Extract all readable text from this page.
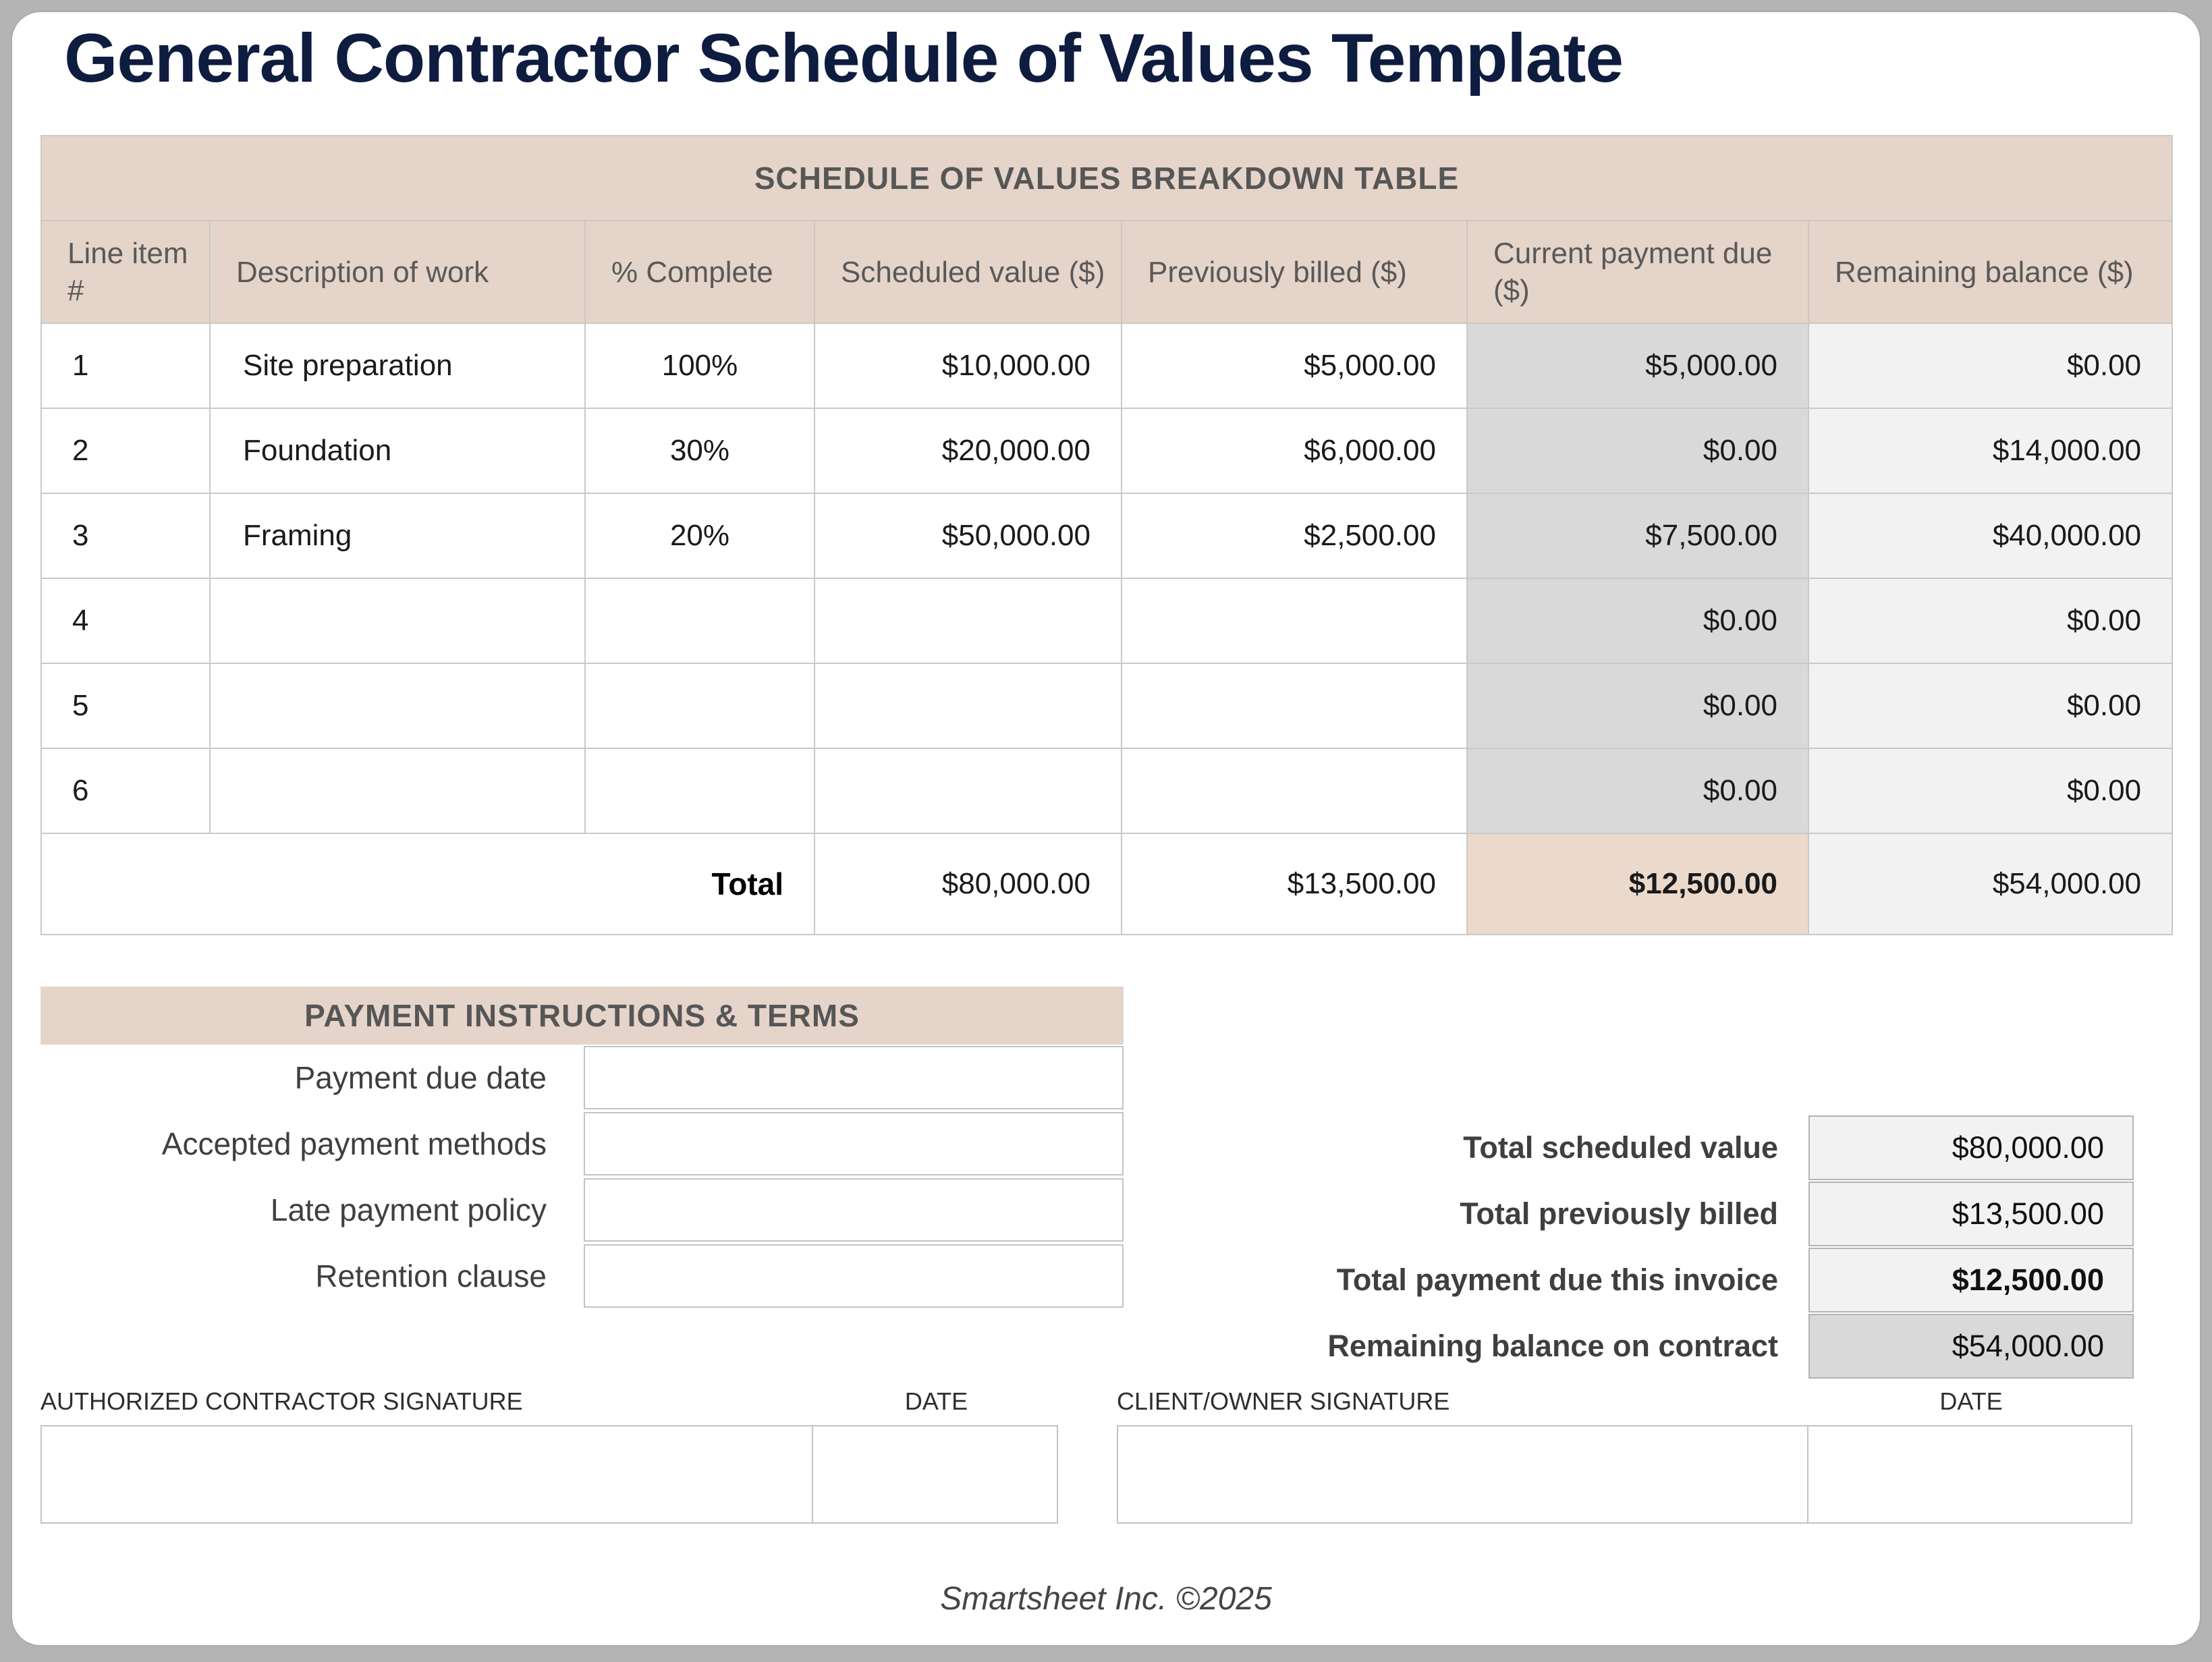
General Contractor Schedule of Values Template
SCHEDULE OF VALUES BREAKDOWN TABLE						
Line item #	Description of work	% Complete	Scheduled value ($)	Previously billed ($)	Current payment due ($)	Remaining balance ($)
1	Site preparation	100%	$10,000.00	$5,000.00	$5,000.00	$0.00
2	Foundation	30%	$20,000.00	$6,000.00	$0.00	$14,000.00
3	Framing	20%	$50,000.00	$2,500.00	$7,500.00	$40,000.00
4					$0.00	$0.00
5					$0.00	$0.00
6					$0.00	$0.00
Total			$80,000.00	$13,500.00	$12,500.00	$54,000.00
PAYMENT INSTRUCTIONS & TERMS
Payment due date
Accepted payment methods
Late payment policy
Retention clause
Total scheduled value	$80,000.00
Total previously billed	$13,500.00
Total payment due this invoice	$12,500.00
Remaining balance on contract	$54,000.00
AUTHORIZED CONTRACTOR SIGNATURE	DATE	CLIENT/OWNER SIGNATURE	DATE
Smartsheet Inc. ©2025
